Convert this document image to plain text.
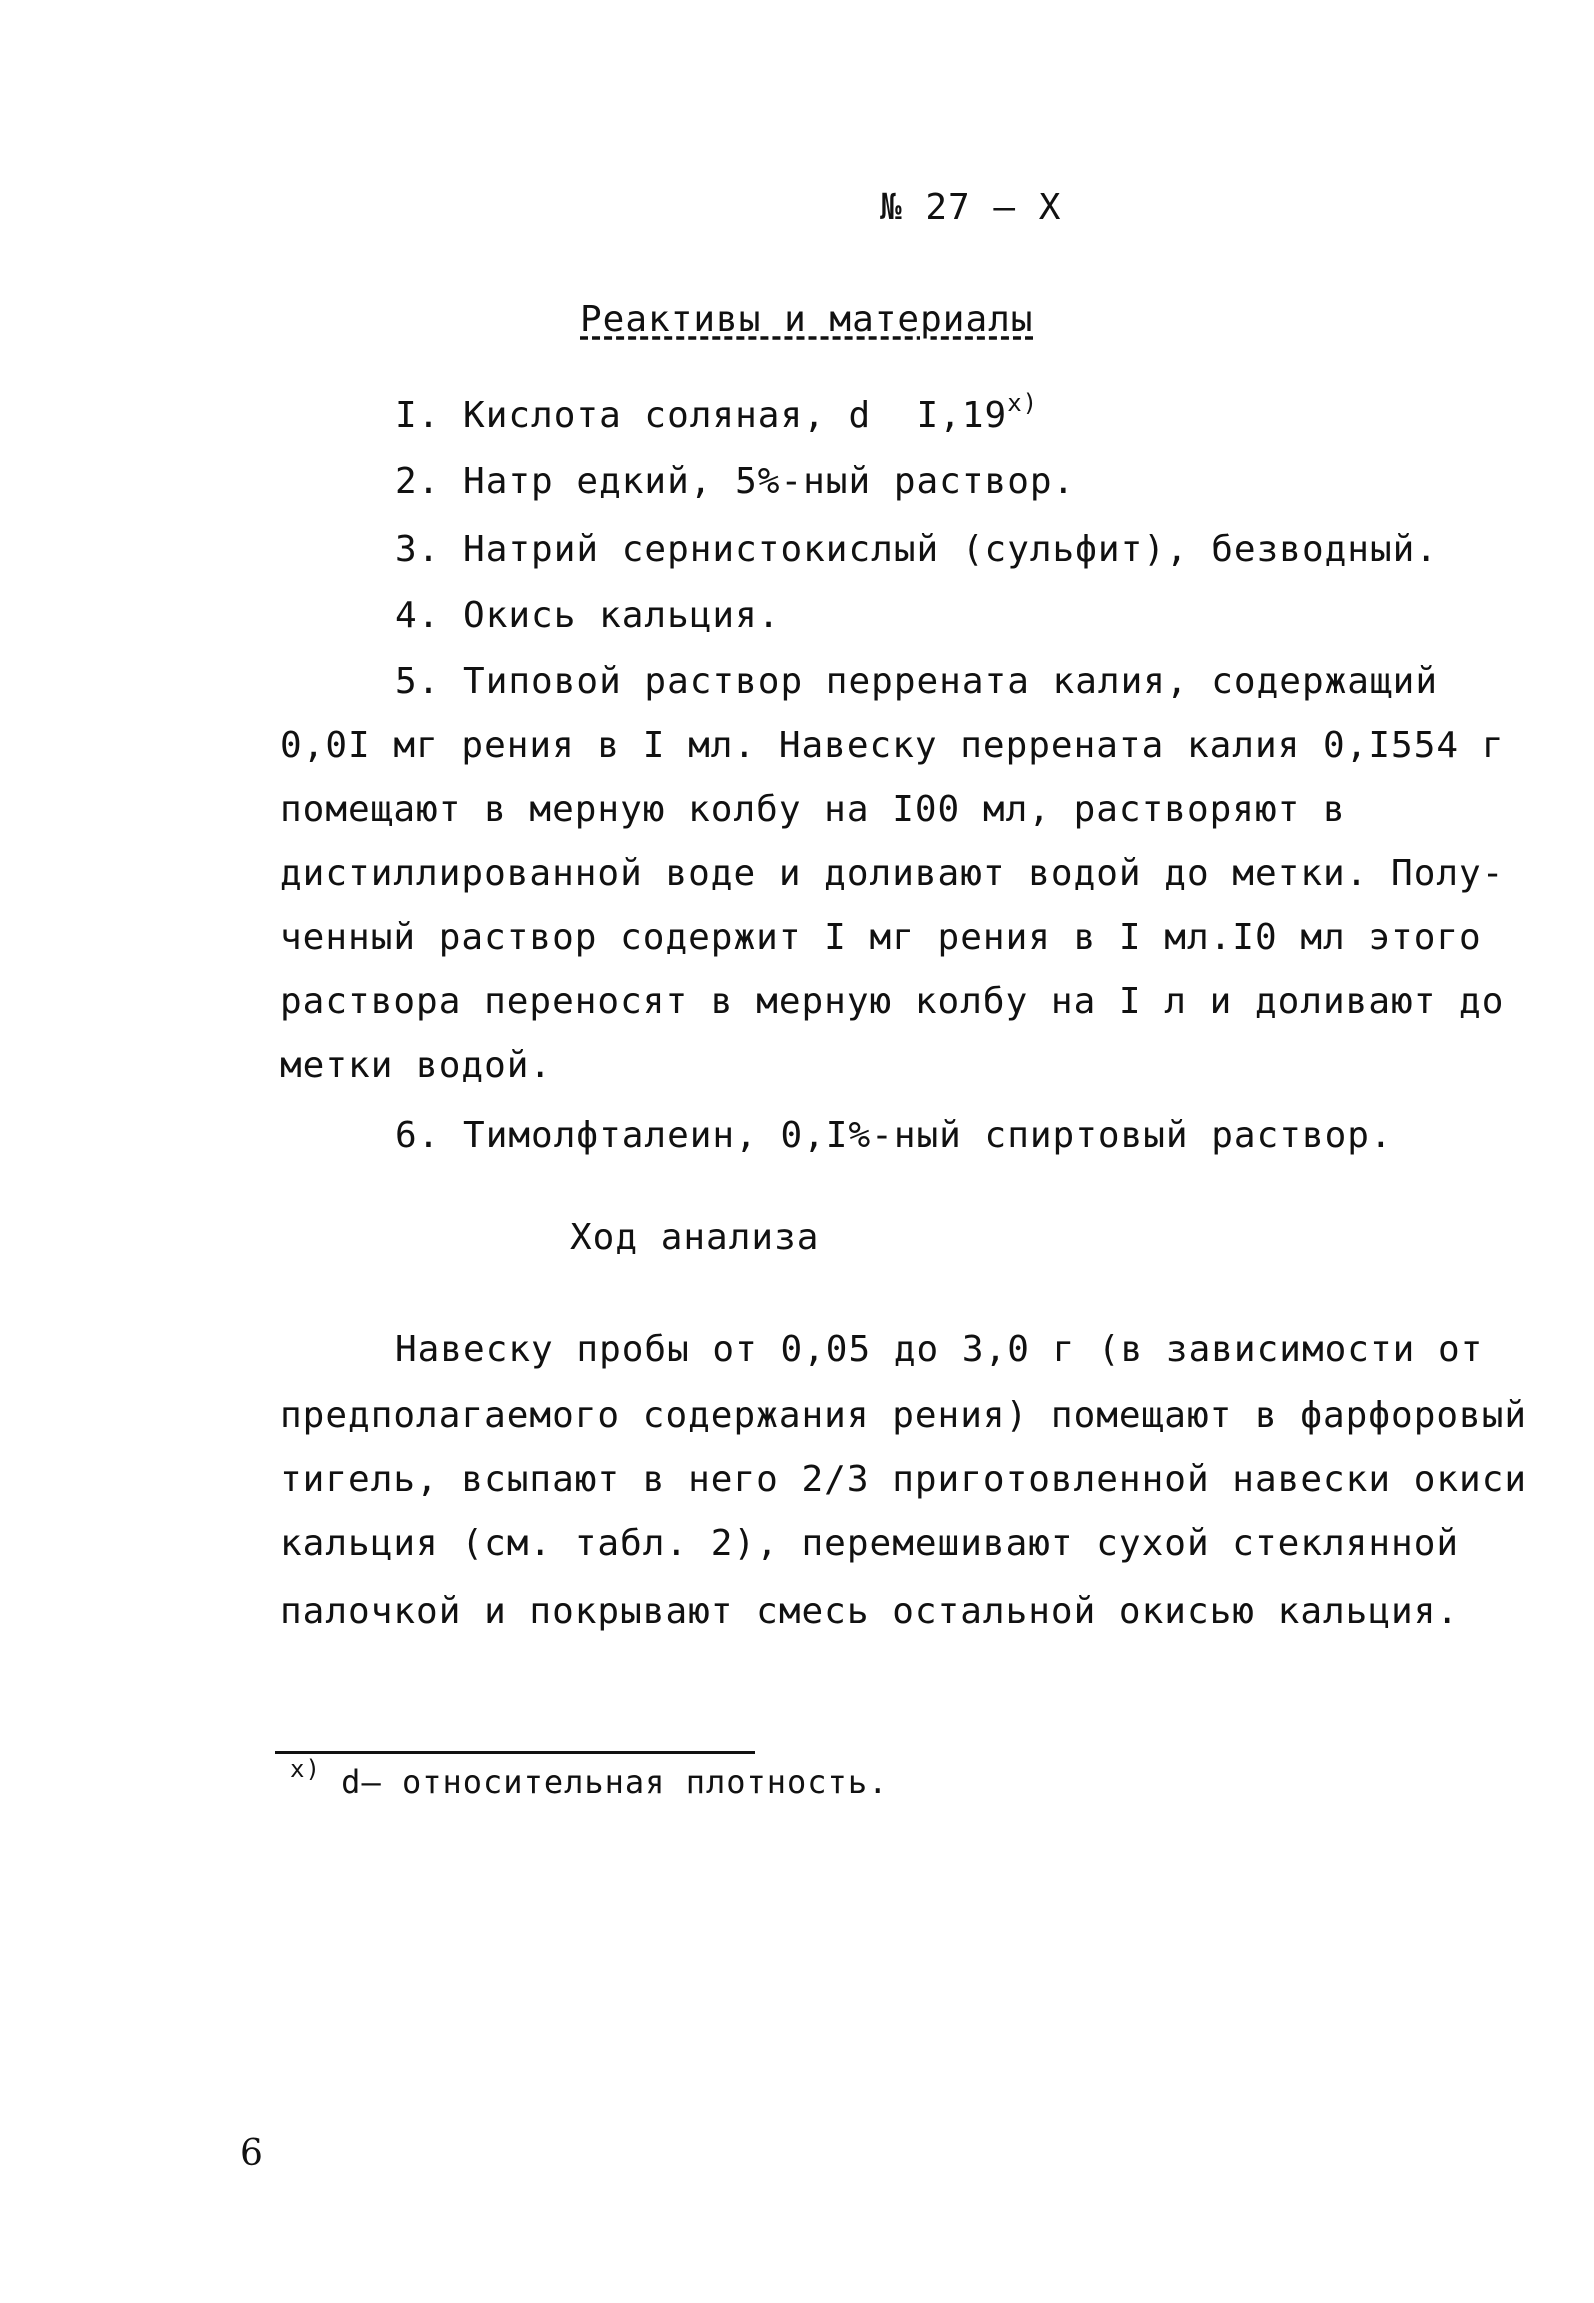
№ 27 – X
Реактивы и материалы
I. Кислота соляная, d  I,19$^{x)}$
2. Натр едкий, 5%-ный раствор.
3. Натрий сернистокислый (сульфит), безводный.
4. Окись кальция.
5. Типовой раствор перрената калия, содержащий
0,0I мг рения в I мл. Навеску перрената калия 0,I554 г
помещают в мерную колбу на I00 мл, растворяют в
дистиллированной воде и доливают водой до метки. Полу-
ченный раствор содержит I мг рения в I мл.I0 мл этого
раствора переносят в мерную колбу на I л и доливают до
метки водой.
6. Тимолфталеин, 0,I%-ный спиртовый раствор.
Ход анализа
Навеску пробы от 0,05 до 3,0 г (в зависимости от
предполагаемого содержания рения) помещают в фарфоровый
тигель, всыпают в него 2/3 приготовленной навески окиси
кальция (см. табл. 2), перемешивают сухой стеклянной
палочкой и покрывают смесь остальной окисью кальция.
$^{x)}$ d– относительная плотность.
6
